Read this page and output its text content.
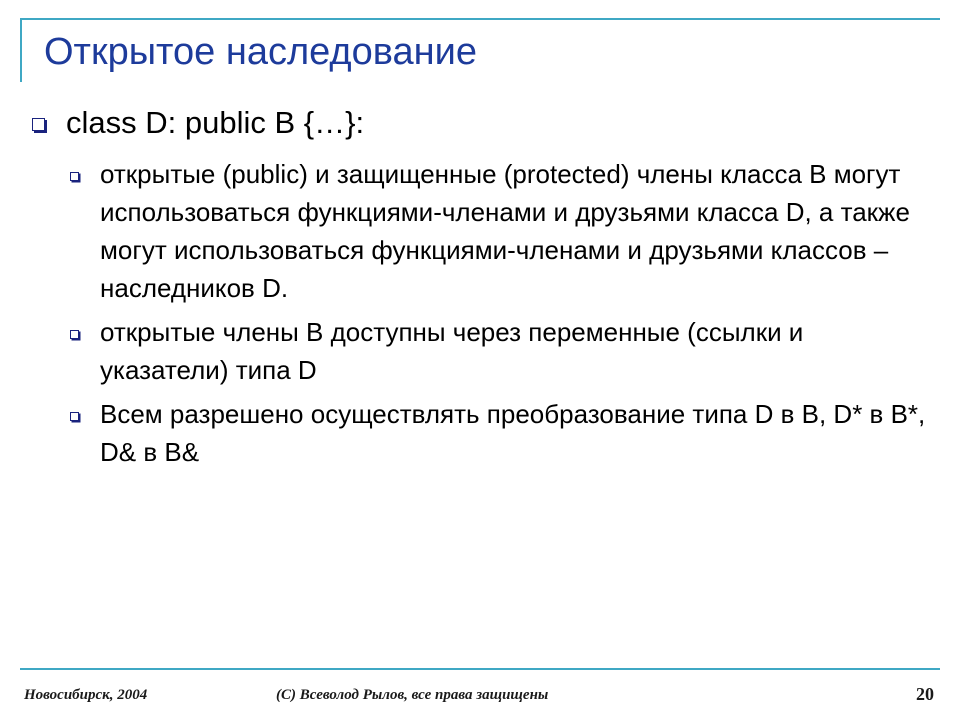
Открытое наследование
class D: public B {…}:
открытые (public) и защищенные (protected) члены класса B могут использоваться функциями-членами и друзьями класса D, а также могут использоваться функциями-членами и друзьями классов – наследников D.
открытые члены B доступны через переменные (ссылки и указатели) типа D
Всем разрешено осуществлять преобразование типа D в B, D* в B*, D& в B&
Новосибирск, 2004	(C) Всеволод Рылов, все права защищены	20
